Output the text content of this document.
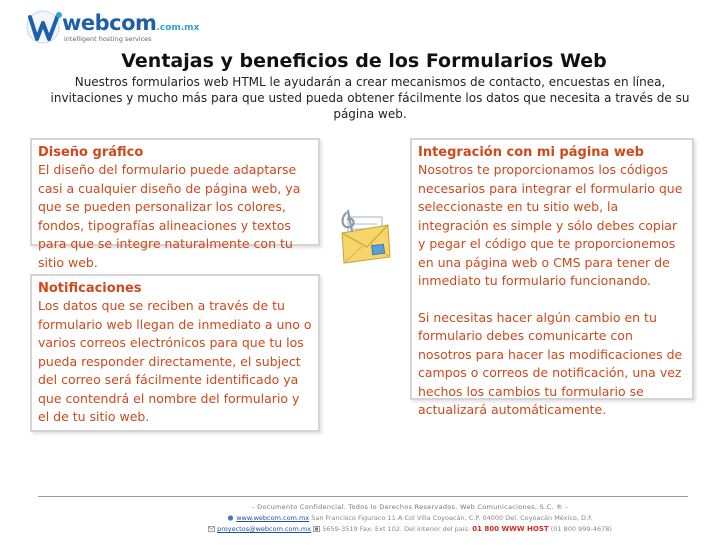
webcom.com.mx
intelligent hosting services
Ventajas y beneficios de los Formularios Web
Nuestros formularios web HTML le ayudarán a crear mecanismos de contacto, encuestas en línea, invitaciones y mucho más para que usted pueda obtener fácilmente los datos que necesita a través de su página web.
Diseño gráfico

El diseño del formulario puede adaptarse casi a cualquier diseño de página web, ya que se pueden personalizar los colores, fondos, tipografías alineaciones y textos para que se integre naturalmente con tu sitio web.

Notificaciones

Los datos que se reciben a través de tu formulario web llegan de inmediato a uno o varios correos electrónicos para que tu los pueda responder directamente, el subject del correo será fácilmente identificado ya que contendrá el nombre del formulario y el de tu sitio web.

Integración con mi página web

Nosotros te proporcionamos los códigos necesarios para integrar el formulario que seleccionaste en tu sitio web, la integración es simple y sólo debes copiar y pegar el código que te proporcionemos en una página web o CMS para tener de inmediato tu formulario funcionando.

Si necesitas hacer algún cambio en tu formulario debes comunicarte con nosotros para hacer las modificaciones de campos o correos de notificación, una vez hechos los cambios tu formulario se actualizará automáticamente.

- Documento Confidencial. Todos lo Derechos Reservados. Web Comunicaciones, S.C. ® -
www.webcom.com.mx San Francisco Figuraco 11-A Col Villa Coyoacán, C.P. 04000 Del. Coyoacán México, D.F.
proyectos@webcom.com.mx 5659-3519 Fax: Ext 102. Del interior del país: 01 800 WWW HOST (01 800 999-4678)
